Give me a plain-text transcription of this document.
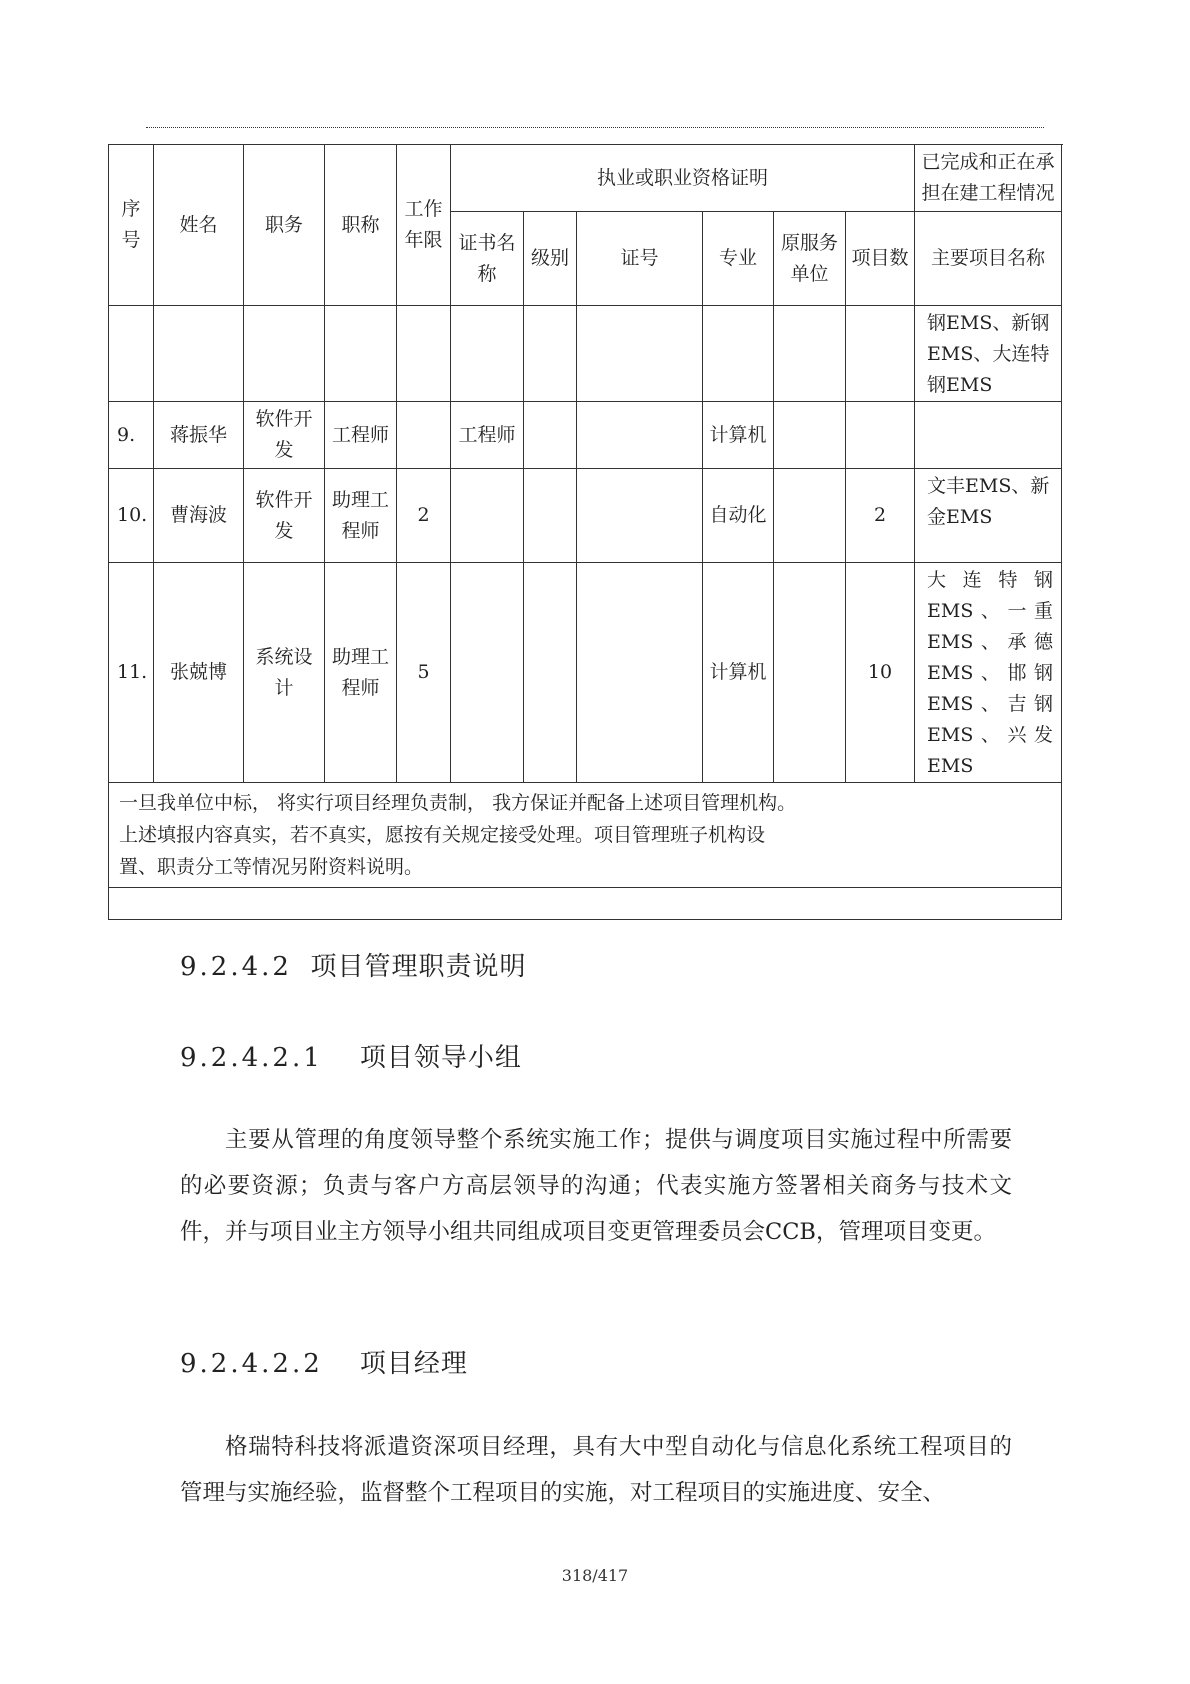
序号	姓名	职务	职称	工作年限	执业或职业资格证明						已完成和正在承担在建工程情况
					证书名称	级别	证号	专业	原服务单位	项目数	主要项目名称
											钢EMS、新钢EMS、大连特钢EMS
9.	蒋振华	软件开发	工程师		工程师			计算机			
10.	曹海波	软件开发	助理工程师	2				自动化		2	文丰EMS、新金EMS
11.	张兢博	系统设计	助理工程师	5				计算机		10	大连特钢EMS、一重EMS、承德EMS、邯钢EMS、吉钢EMS、兴发EMS

一旦我单位中标， 将实行项目经理负责制， 我方保证并配备上述项目管理机构。
上述填报内容真实，若不真实，愿按有关规定接受处理。项目管理班子机构设
置、职责分工等情况另附资料说明。											

9.2.4.2 项目管理职责说明
9.2.4.2.1 项目领导小组
主要从管理的角度领导整个系统实施工作；提供与调度项目实施过程中所需要的必要资源；负责与客户方高层领导的沟通；代表实施方签署相关商务与技术文件，并与项目业主方领导小组共同组成项目变更管理委员会CCB，管理项目变更。
9.2.4.2.2 项目经理
格瑞特科技将派遣资深项目经理，具有大中型自动化与信息化系统工程项目的管理与实施经验，监督整个工程项目的实施，对工程项目的实施进度、安全、
318/417
